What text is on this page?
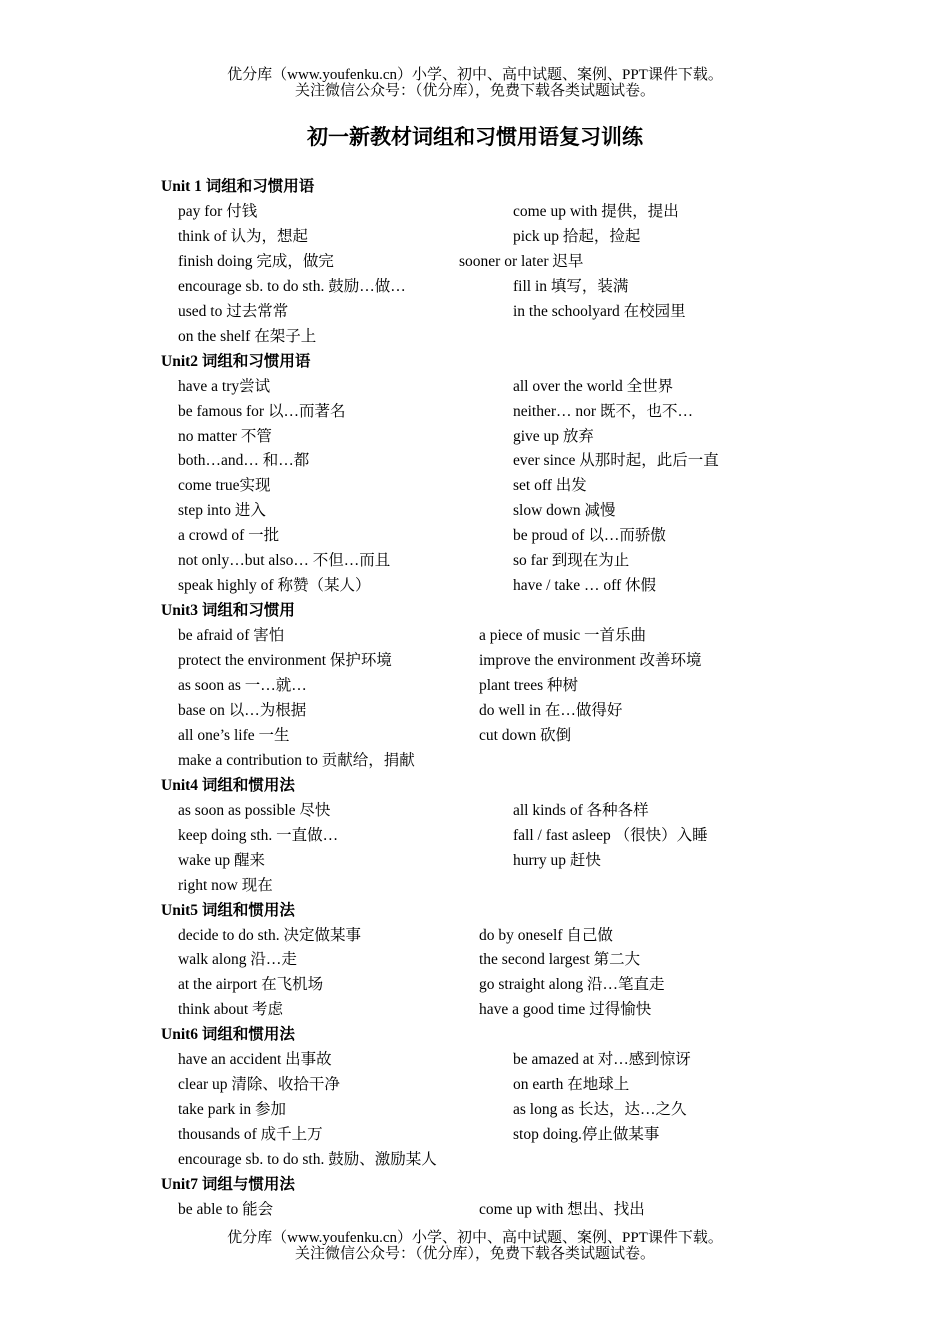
优分库（www.youfenku.cn）小学、初中、高中试题、案例、PPT课件下载。
关注微信公众号：（优分库），免费下载各类试题试卷。
初一新教材词组和习惯用语复习训练
Unit 1 词组和习惯用语
pay for 付钱	come up with 提供，提出
think of 认为，想起	pick up 拾起，捡起
finish doing 完成，做完	sooner or later 迟早
encourage sb. to do sth. 鼓励…做…	fill in 填写，装满
used to 过去常常	in the schoolyard 在校园里
on the shelf 在架子上
Unit2 词组和习惯用语
have a try尝试	all over the world 全世界
be famous for 以…而著名	neither… nor 既不，也不…
no matter 不管	give up 放弃
both…and… 和…都	ever since 从那时起，此后一直
come true实现	set off 出发
step into 进入	slow down 减慢
a crowd of 一批	be proud of 以…而骄傲
not only…but also… 不但…而且	so far 到现在为止
speak highly of 称赞（某人）	have / take … off 休假
Unit3 词组和习惯用
be afraid of 害怕	a piece of music 一首乐曲
protect the environment 保护环境	improve the environment 改善环境
as soon as 一…就…	plant trees 种树
base on 以…为根据	do well in 在…做得好
all one’s life 一生	cut down 砍倒
make a contribution to 贡献给，捐献
Unit4 词组和惯用法
as soon as possible 尽快	all kinds of 各种各样
keep doing sth. 一直做…	fall / fast asleep （很快）入睡
wake up 醒来	hurry up 赶快
right now 现在
Unit5 词组和惯用法
decide to do sth. 决定做某事	do by oneself 自己做
walk along 沿…走	the second largest 第二大
at the airport 在飞机场	go straight along 沿…笔直走
think about 考虑	have a good time 过得愉快
Unit6 词组和惯用法
have an accident 出事故	be amazed at 对…感到惊讶
clear up 清除、收拾干净	on earth 在地球上
take park in 参加	as long as 长达，达…之久
thousands of 成千上万	stop doing.停止做某事
encourage sb. to do sth. 鼓励、激励某人
Unit7 词组与惯用法
be able to 能会	come up with 想出、找出
优分库（www.youfenku.cn）小学、初中、高中试题、案例、PPT课件下载。
关注微信公众号：（优分库），免费下载各类试题试卷。
